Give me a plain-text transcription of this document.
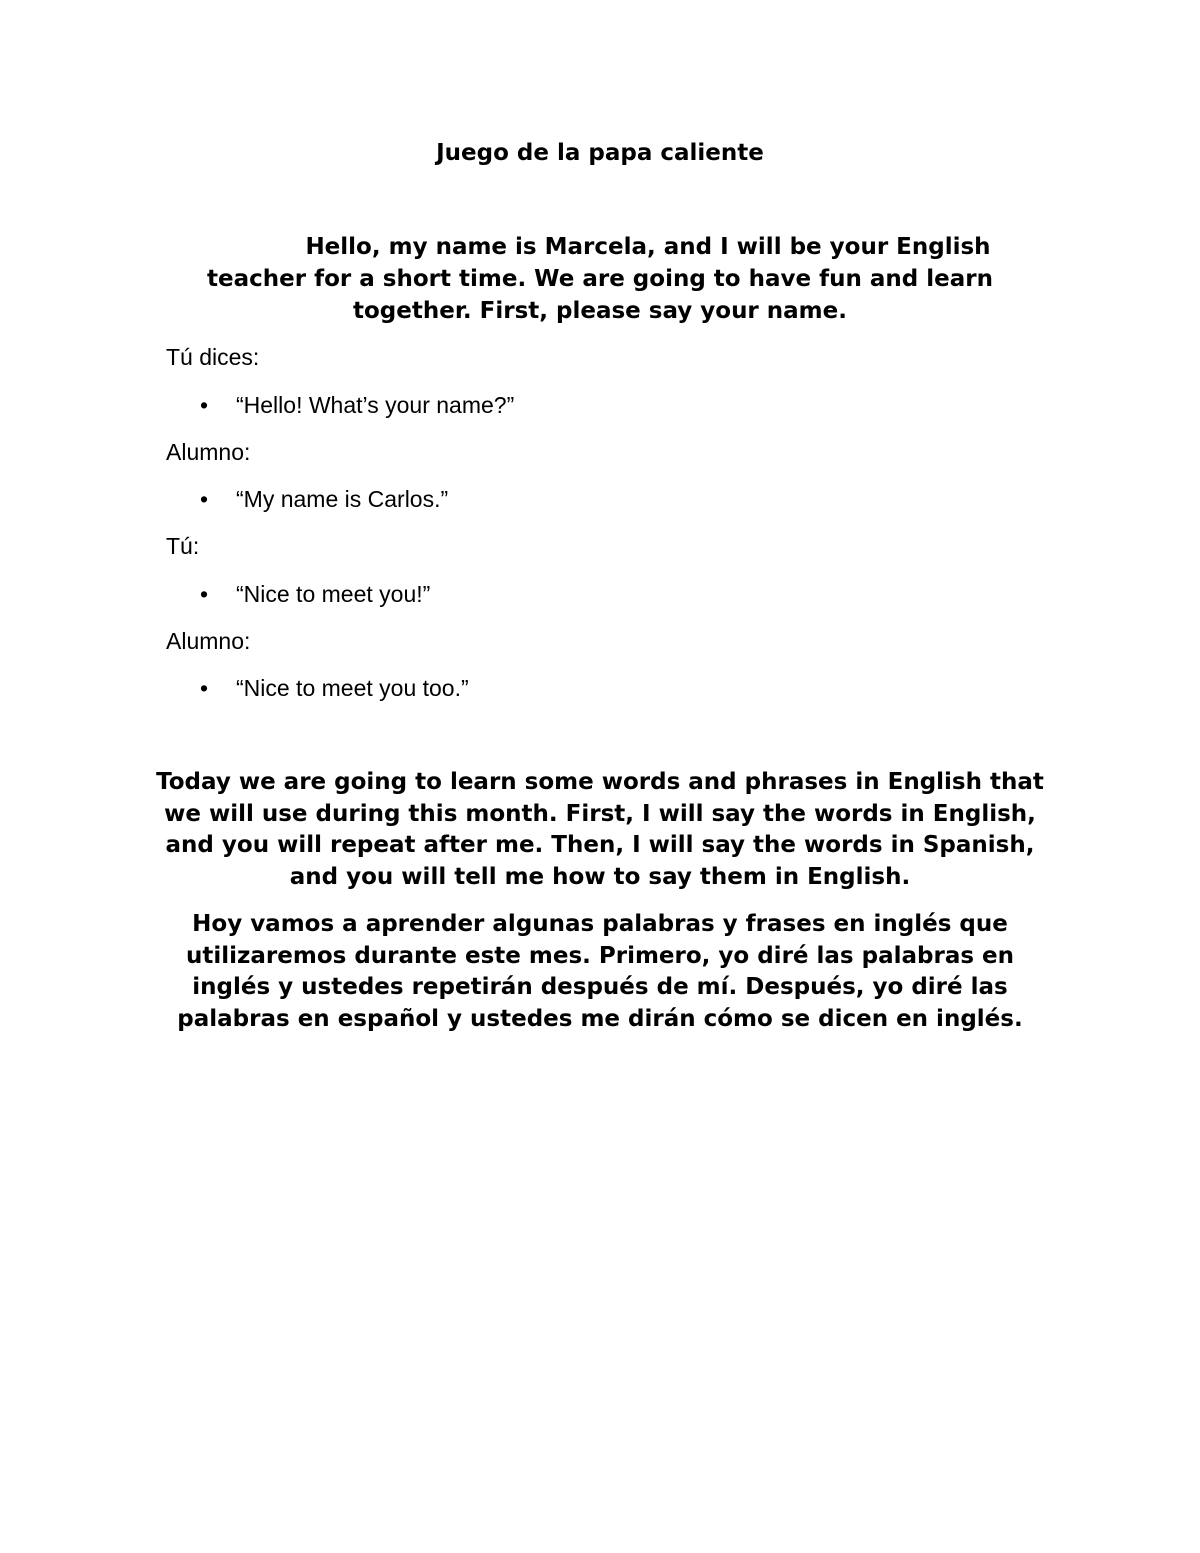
Juego de la papa caliente
Hello, my name is Marcela, and I will be your English teacher for a short time. We are going to have fun and learn together. First, please say your name.
Tú dices:
• “Hello! What’s your name?”
Alumno:
• “My name is Carlos.”
Tú:
• “Nice to meet you!”
Alumno:
• “Nice to meet you too.”
Today we are going to learn some words and phrases in English that we will use during this month. First, I will say the words in English, and you will repeat after me. Then, I will say the words in Spanish, and you will tell me how to say them in English.
Hoy vamos a aprender algunas palabras y frases en inglés que utilizaremos durante este mes. Primero, yo diré las palabras en inglés y ustedes repetirán después de mí. Después, yo diré las palabras en español y ustedes me dirán cómo se dicen en inglés.
